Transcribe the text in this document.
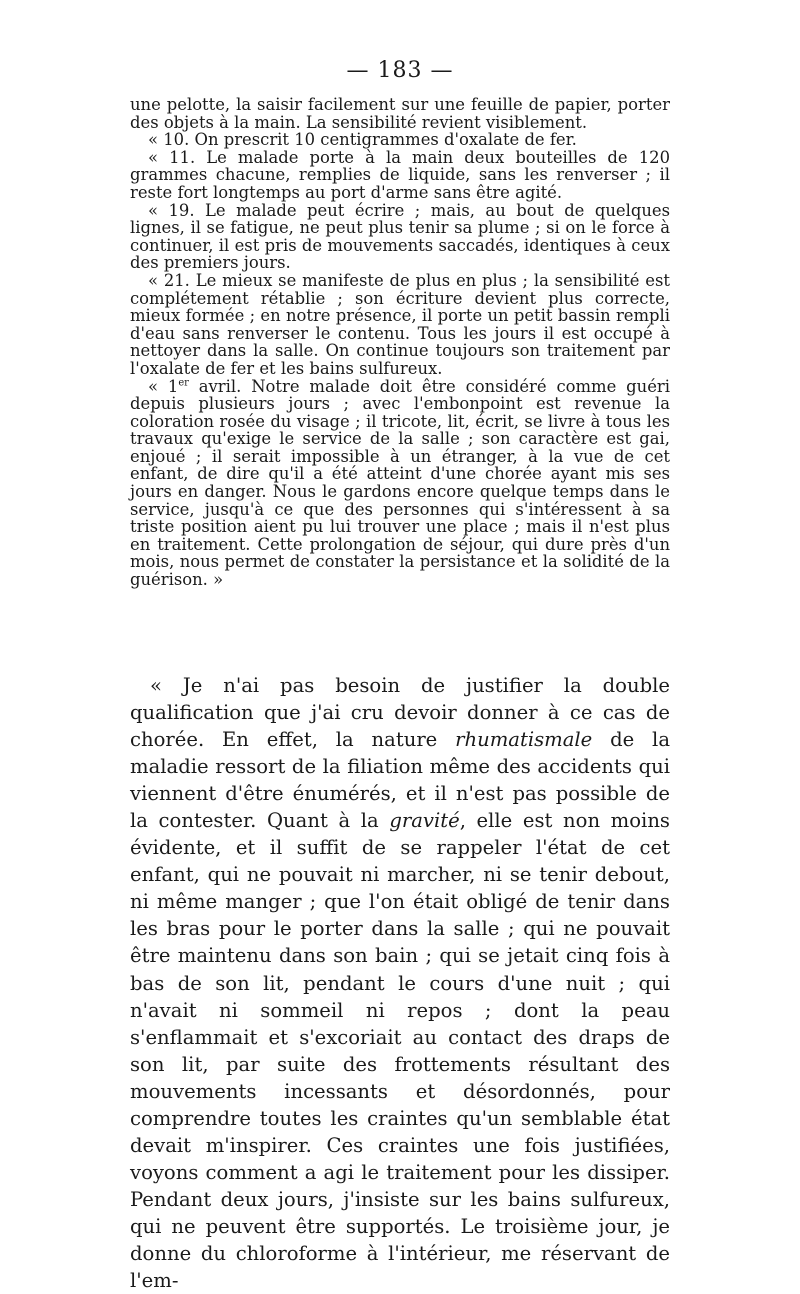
— 183 —

une pelotte, la saisir facilement sur une feuille de papier, porter des objets à la main. La sensibilité revient visiblement.

« 10. On prescrit 10 centigrammes d'oxalate de fer.

« 11. Le malade porte à la main deux bouteilles de 120 grammes chacune, remplies de liquide, sans les renverser ; il reste fort longtemps au port d'arme sans être agité.

« 19. Le malade peut écrire ; mais, au bout de quelques lignes, il se fatigue, ne peut plus tenir sa plume ; si on le force à continuer, il est pris de mouvements saccadés, identiques à ceux des premiers jours.

« 21. Le mieux se manifeste de plus en plus ; la sensibilité est complétement rétablie ; son écriture devient plus correcte, mieux formée ; en notre présence, il porte un petit bassin rempli d'eau sans renverser le contenu. Tous les jours il est occupé à nettoyer dans la salle. On continue toujours son traitement par l'oxalate de fer et les bains sulfureux.

« 1er avril. Notre malade doit être considéré comme guéri depuis plusieurs jours ; avec l'embonpoint est revenue la coloration rosée du visage ; il tricote, lit, écrit, se livre à tous les travaux qu'exige le service de la salle ; son caractère est gai, enjoué ; il serait impossible à un étranger, à la vue de cet enfant, de dire qu'il a été atteint d'une chorée ayant mis ses jours en danger. Nous le gardons encore quelque temps dans le service, jusqu'à ce que des personnes qui s'intéressent à sa triste position aient pu lui trouver une place ; mais il n'est plus en traitement. Cette prolongation de séjour, qui dure près d'un mois, nous permet de constater la persistance et la solidité de la guérison. »

« Je n'ai pas besoin de justifier la double qualification que j'ai cru devoir donner à ce cas de chorée. En effet, la nature rhumatismale de la maladie ressort de la filiation même des accidents qui viennent d'être énumérés, et il n'est pas possible de la contester. Quant à la gravité, elle est non moins évidente, et il suffit de se rappeler l'état de cet enfant, qui ne pouvait ni marcher, ni se tenir debout, ni même manger ; que l'on était obligé de tenir dans les bras pour le porter dans la salle ; qui ne pouvait être maintenu dans son bain ; qui se jetait cinq fois à bas de son lit, pendant le cours d'une nuit ; qui n'avait ni sommeil ni repos ; dont la peau s'enflammait et s'excoriait au contact des draps de son lit, par suite des frottements résultant des mouvements incessants et désordonnés, pour comprendre toutes les craintes qu'un semblable état devait m'inspirer. Ces craintes une fois justifiées, voyons comment a agi le traitement pour les dissiper. Pendant deux jours, j'insiste sur les bains sulfureux, qui ne peuvent être supportés. Le troisième jour, je donne du chloroforme à l'intérieur, me réservant de l'em-
